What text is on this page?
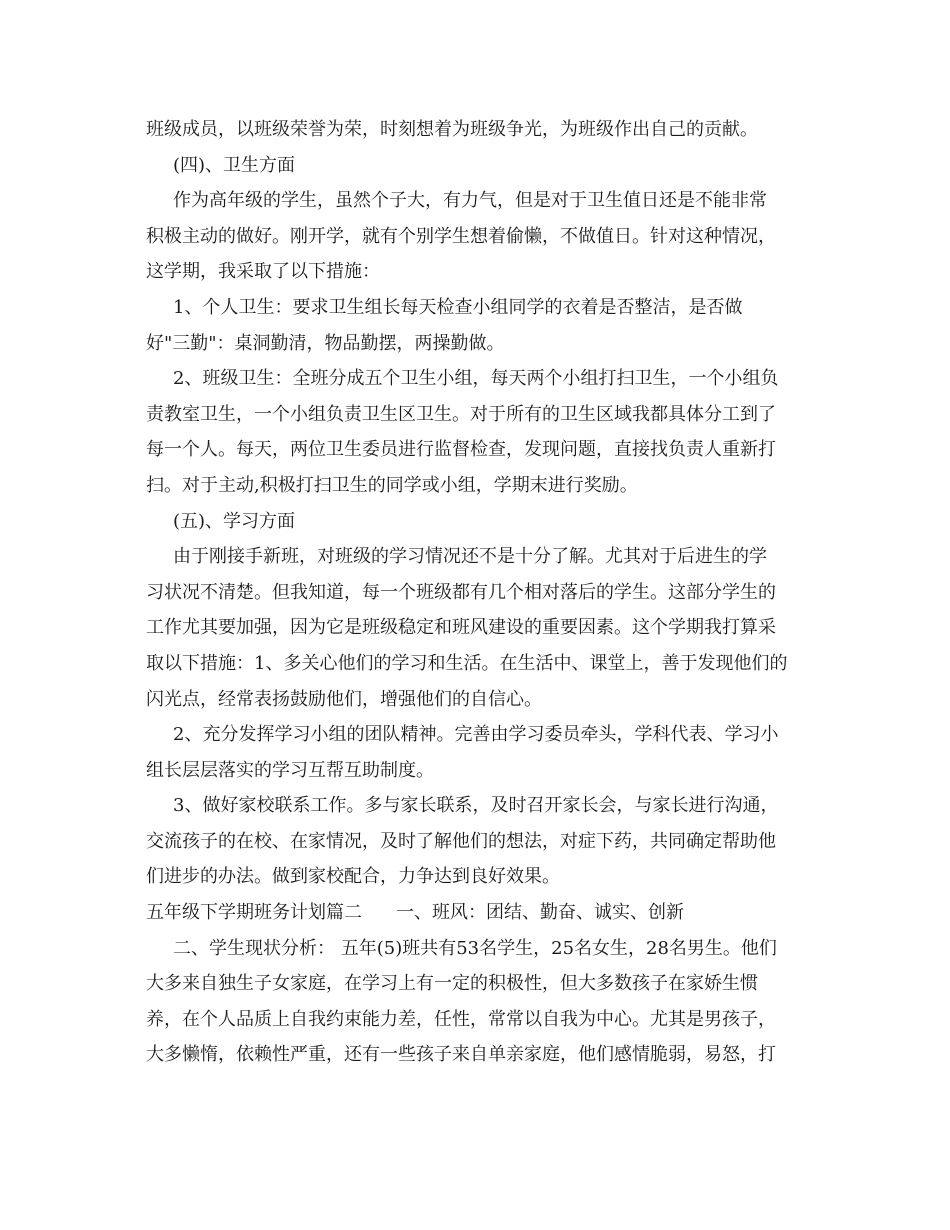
班级成员，以班级荣誉为荣，时刻想着为班级争光，为班级作出自己的贡献。
(四)、卫生方面
作为高年级的学生，虽然个子大，有力气，但是对于卫生值日还是不能非常
积极主动的做好。刚开学，就有个别学生想着偷懒，不做值日。针对这种情况，
这学期，我采取了以下措施：
1、个人卫生：要求卫生组长每天检查小组同学的衣着是否整洁，是否做
好"三勤"：桌洞勤清，物品勤摆，两操勤做。
2、班级卫生：全班分成五个卫生小组，每天两个小组打扫卫生，一个小组负
责教室卫生，一个小组负责卫生区卫生。对于所有的卫生区域我都具体分工到了
每一个人。每天，两位卫生委员进行监督检查，发现问题，直接找负责人重新打
扫。对于主动,积极打扫卫生的同学或小组，学期末进行奖励。
(五)、学习方面
由于刚接手新班，对班级的学习情况还不是十分了解。尤其对于后进生的学
习状况不清楚。但我知道，每一个班级都有几个相对落后的学生。这部分学生的
工作尤其要加强，因为它是班级稳定和班风建设的重要因素。这个学期我打算采
取以下措施：1、多关心他们的学习和生活。在生活中、课堂上，善于发现他们的
闪光点，经常表扬鼓励他们，增强他们的自信心。
2、充分发挥学习小组的团队精神。完善由学习委员牵头，学科代表、学习小
组长层层落实的学习互帮互助制度。
3、做好家校联系工作。多与家长联系，及时召开家长会，与家长进行沟通，
交流孩子的在校、在家情况，及时了解他们的想法，对症下药，共同确定帮助他
们进步的办法。做到家校配合，力争达到良好效果。
五年级下学期班务计划篇二 一、班风：团结、勤奋、诚实、创新
二、学生现状分析： 五年(5)班共有53名学生，25名女生，28名男生。他们
大多来自独生子女家庭，在学习上有一定的积极性，但大多数孩子在家娇生惯
养，在个人品质上自我约束能力差，任性，常常以自我为中心。尤其是男孩子，
大多懒惰，依赖性严重，还有一些孩子来自单亲家庭，他们感情脆弱，易怒，打
